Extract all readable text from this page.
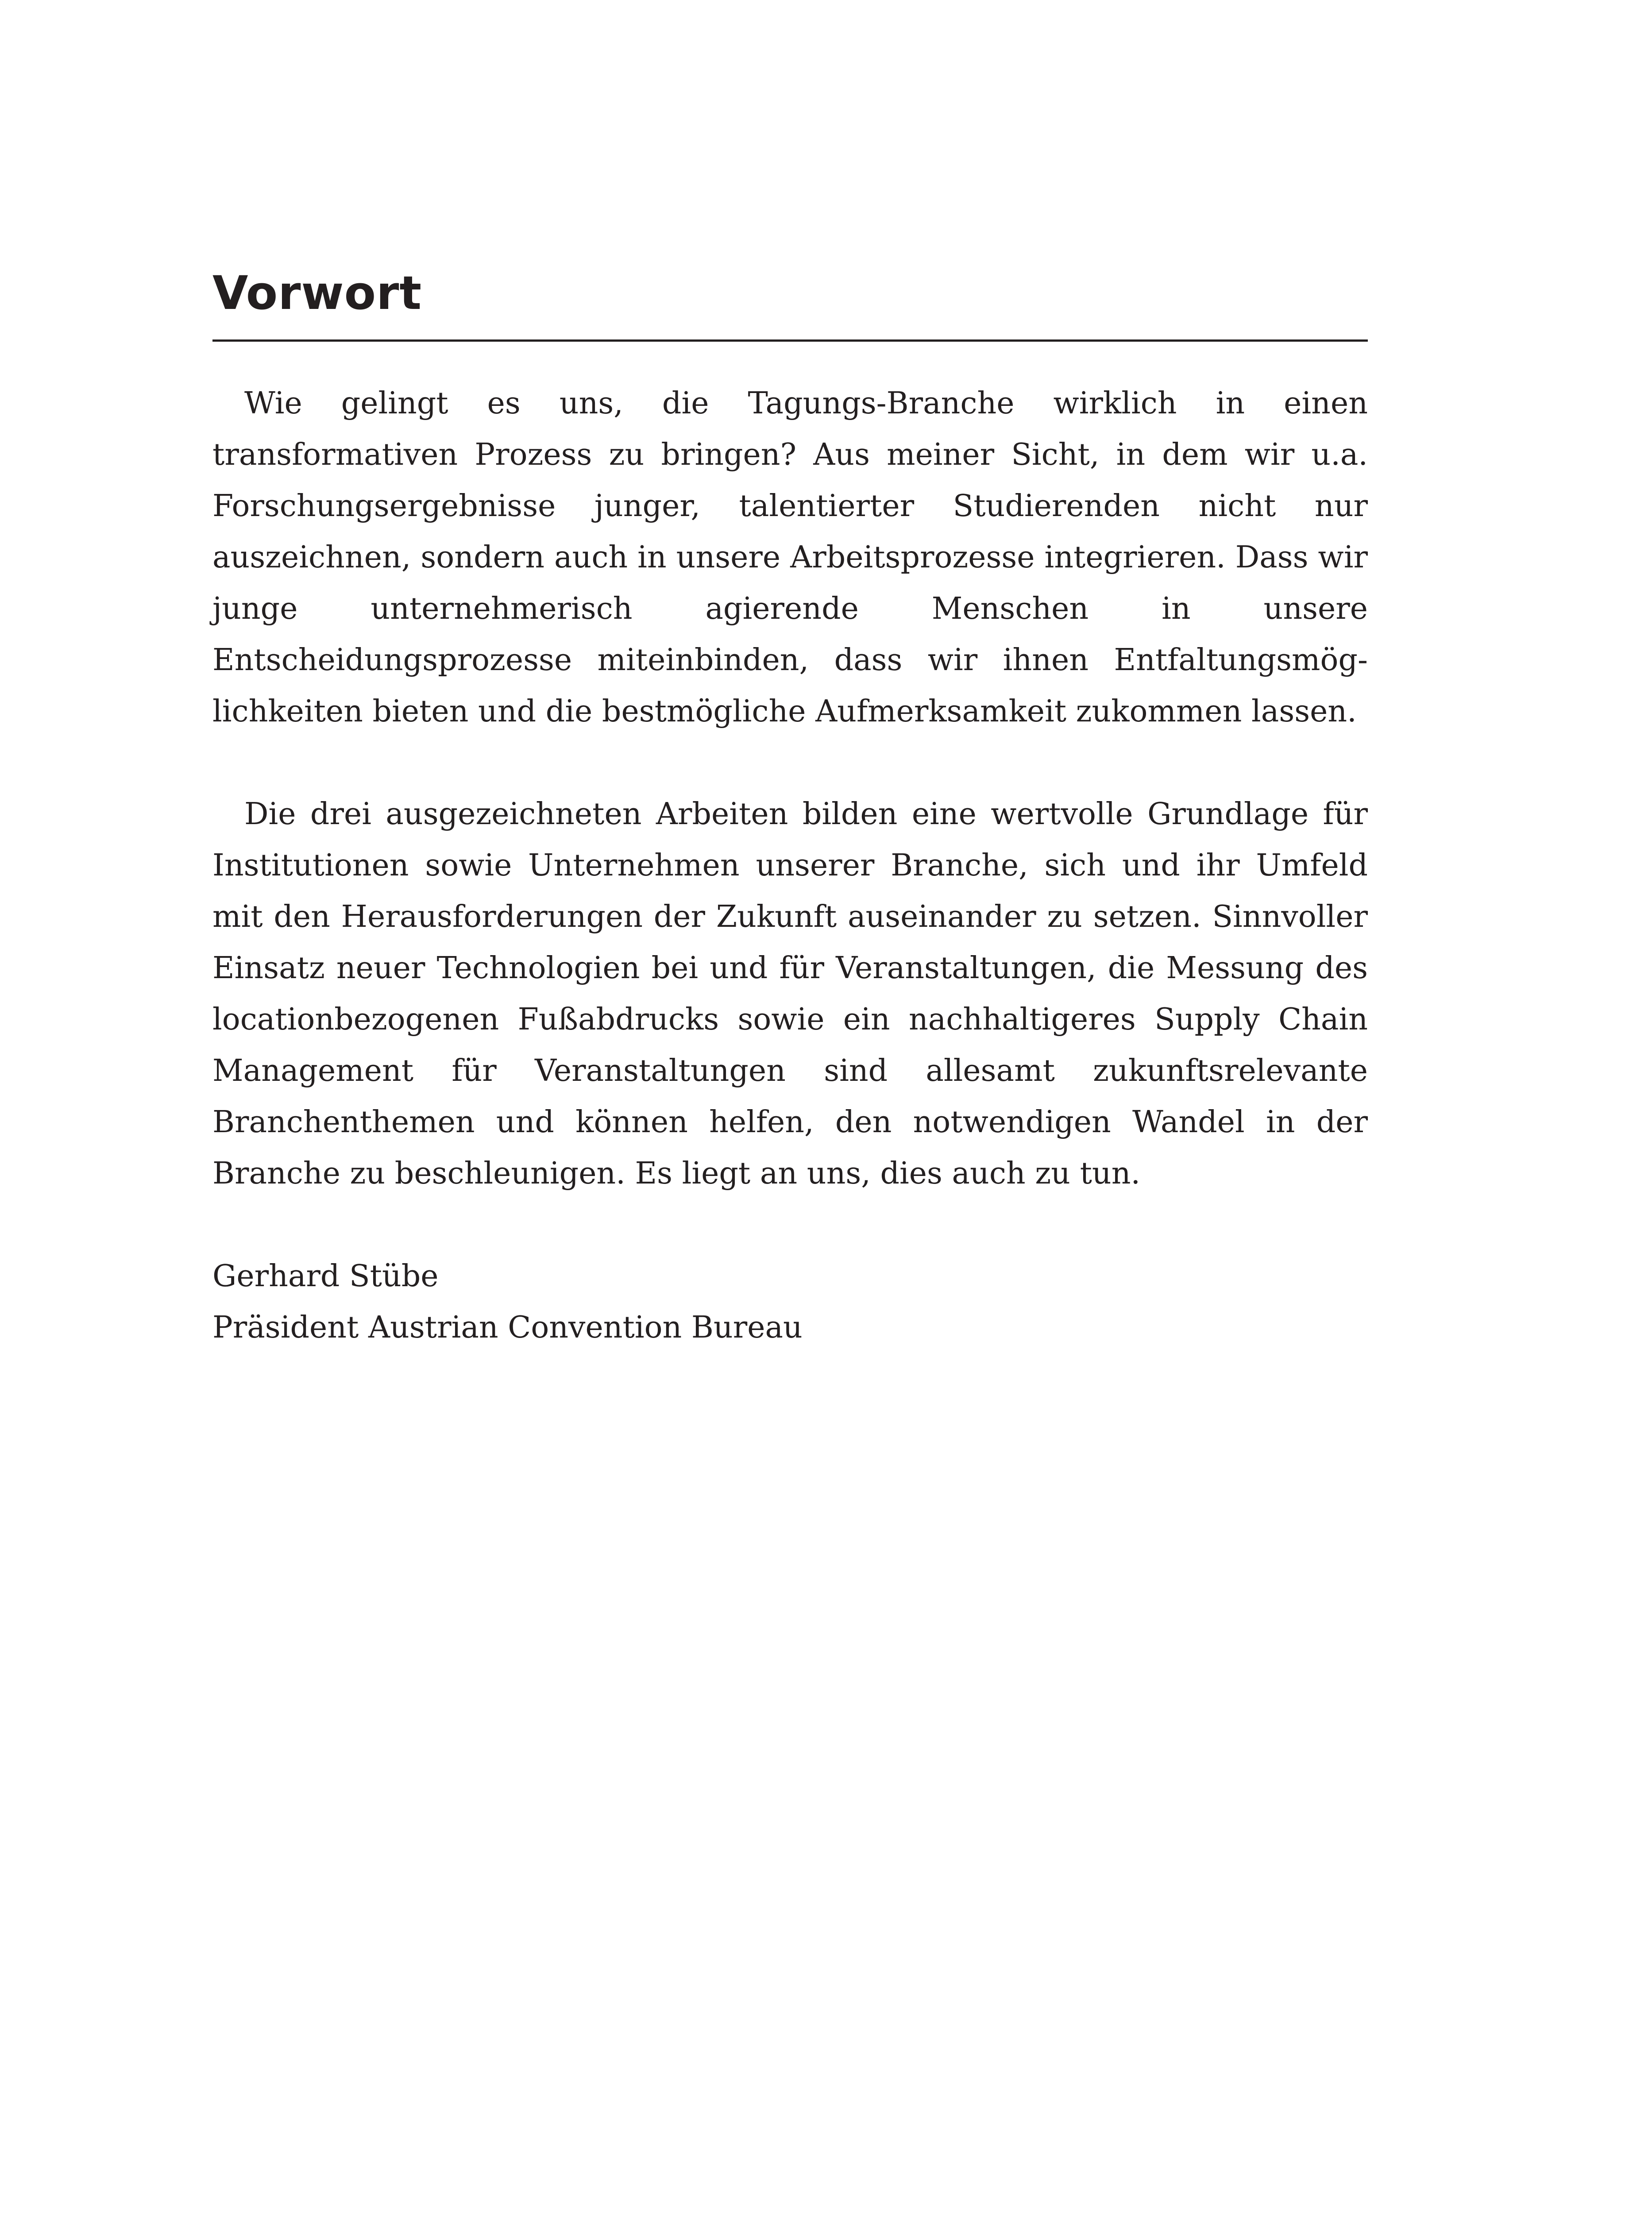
Vorwort

Wie gelingt es uns, die Tagungs-Branche wirklich in einen transformativen Prozess zu bringen? Aus meiner Sicht, in dem wir u.a. Forschungsergebnisse junger, talentierter Studierenden nicht nur auszeichnen, sondern auch in unsere Arbeitsprozesse integrieren. Dass wir junge unternehmerisch agierende Menschen in unsere Entscheidungsprozesse miteinbinden, dass wir ihnen Entfaltungsmöglichkeiten bieten und die bestmögliche Aufmerksamkeit zukommen lassen.

Die drei ausgezeichneten Arbeiten bilden eine wertvolle Grundlage für Institutionen sowie Unternehmen unserer Branche, sich und ihr Umfeld mit den Herausforderungen der Zukunft auseinander zu setzen. Sinnvoller Einsatz neuer Technologien bei und für Veranstaltungen, die Messung des locationbezogenen Fußabdrucks sowie ein nachhaltigeres Supply Chain Management für Veranstaltungen sind allesamt zukunftsrelevante Branchenthemen und können helfen, den notwendigen Wandel in der Branche zu beschleunigen. Es liegt an uns, dies auch zu tun.

Gerhard Stübe
Präsident Austrian Convention Bureau
